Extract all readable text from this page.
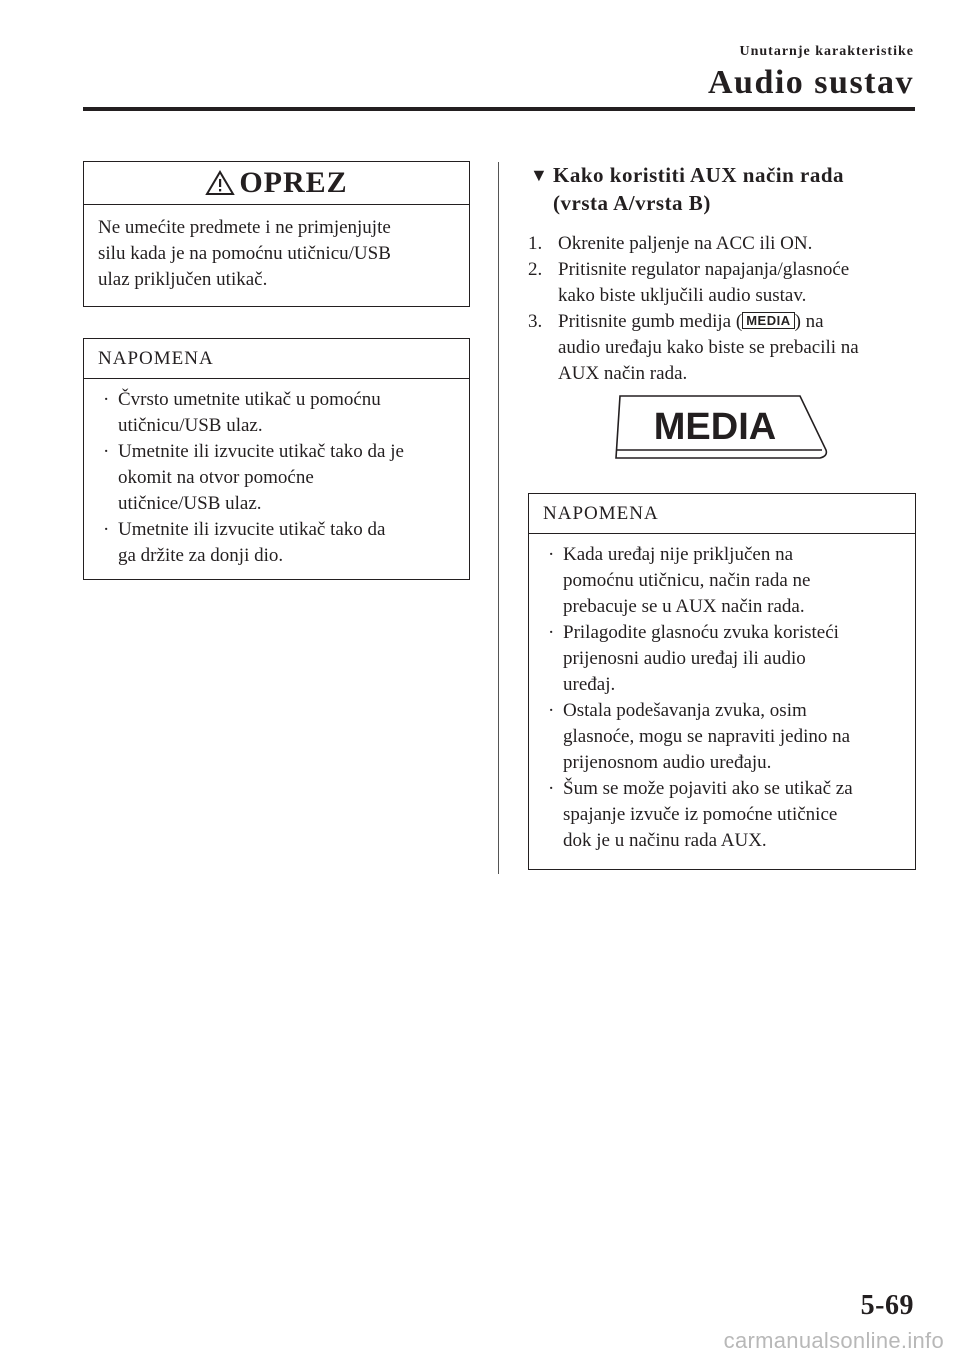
Unutarnje karakteristike
Audio sustav
OPREZ
Ne umećite predmete i ne primjenjujte
silu kada je na pomoćnu utičnicu/USB
ulaz priključen utikač.
NAPOMENA
· Čvrsto umetnite utikač u pomoćnu
utičnicu/USB ulaz.
· Umetnite ili izvucite utikač tako da je
okomit na otvor pomoćne
utičnice/USB ulaz.
· Umetnite ili izvucite utikač tako da
ga držite za donji dio.
▼ Kako koristiti AUX način rada
(vrsta A/vrsta B)
1. Okrenite paljenje na ACC ili ON.
2. Pritisnite regulator napajanja/glasnoće
kako biste uključili audio sustav.
3. Pritisnite gumb medija ( MEDIA ) na
audio uređaju kako biste se prebacili na
AUX način rada.
MEDIA
NAPOMENA
· Kada uređaj nije priključen na
pomoćnu utičnicu, način rada ne
prebacuje se u AUX način rada.
· Prilagodite glasnoću zvuka koristeći
prijenosni audio uređaj ili audio
uređaj.
· Ostala podešavanja zvuka, osim
glasnoće, mogu se napraviti jedino na
prijenosnom audio uređaju.
· Šum se može pojaviti ako se utikač za
spajanje izvuče iz pomoćne utičnice
dok je u načinu rada AUX.
5-69
carmanualsonline.info
